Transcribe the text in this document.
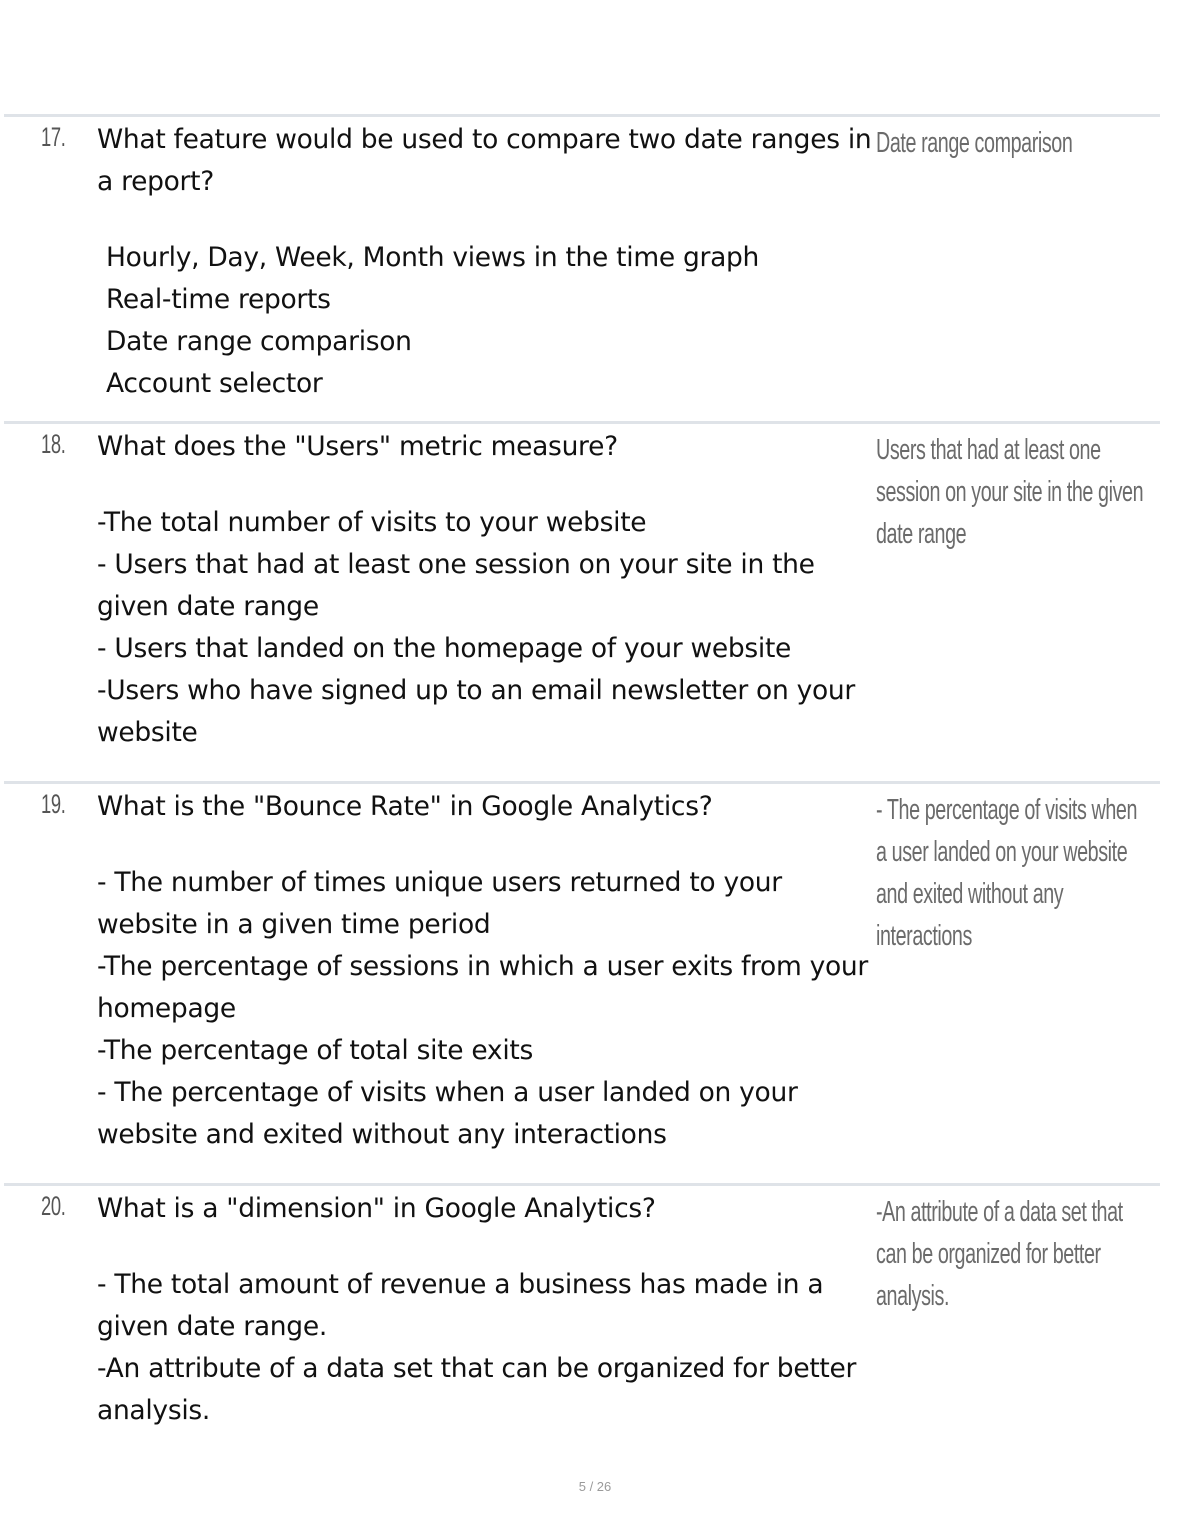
17. What feature would be used to compare two date ranges in a report?

Hourly, Day, Week, Month views in the time graph

Real-time reports

Date range comparison

Account selector

Date range comparison
18. What does the "Users" metric measure?

-The total number of visits to your website

- Users that had at least one session on your site in the given date range

- Users that landed on the homepage of your website

-Users who have signed up to an email newsletter on your website

Users that had at least one session on your site in the given date range
19. What is the "Bounce Rate" in Google Analytics?

- The number of times unique users returned to your website in a given time period

-The percentage of sessions in which a user exits from your homepage

-The percentage of total site exits

- The percentage of visits when a user landed on your website and exited without any interactions

- The percentage of visits when a user landed on your website and exited without any interactions
20. What is a "dimension" in Google Analytics?

- The total amount of revenue a business has made in a given date range.

-An attribute of a data set that can be organized for better analysis.

-An attribute of a data set that can be organized for better analysis.
5 / 26
